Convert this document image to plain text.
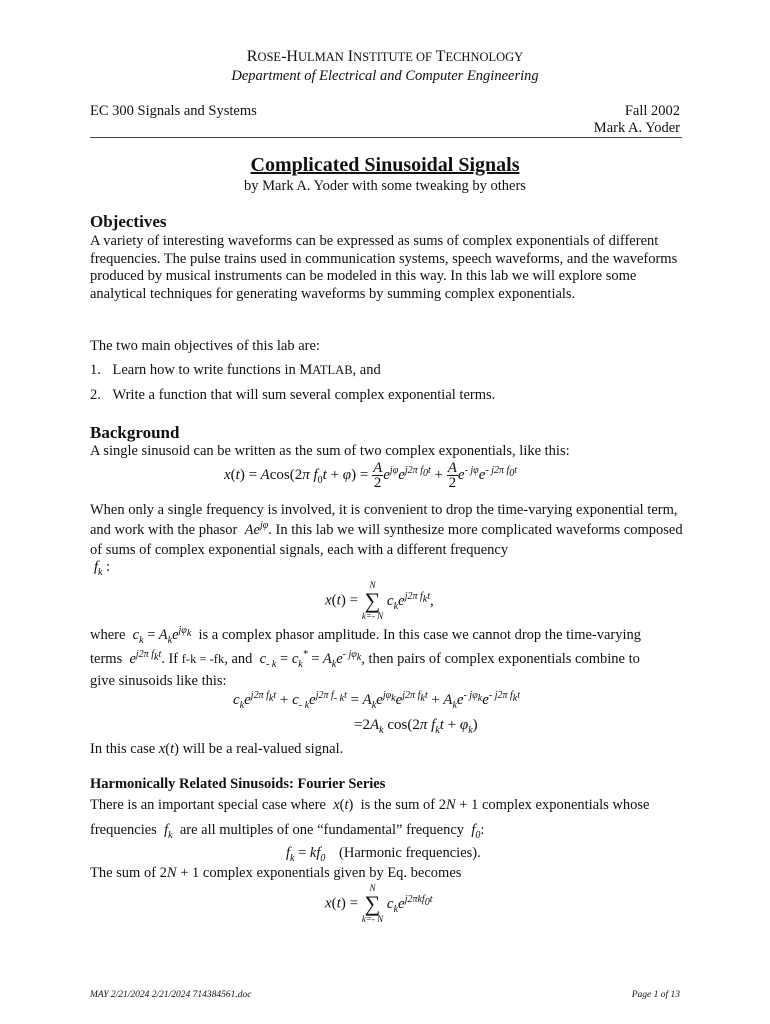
ROSE-HULMAN INSTITUTE OF TECHNOLOGY
Department of Electrical and Computer Engineering
EC 300 Signals and Systems	Fall 2002
Mark A. Yoder
Complicated Sinusoidal Signals
by Mark A. Yoder with some tweaking by others
Objectives

A variety of interesting waveforms can be expressed as sums of complex exponentials of different frequencies. The pulse trains used in communication systems, speech waveforms, and the waveforms produced by musical instruments can be modeled in this way. In this lab we will explore some analytical techniques for generating waveforms by summing complex exponentials.

The two main objectives of this lab are:
1. Learn how to write functions in MATLAB, and
2. Write a function that will sum several complex exponential terms.
Background
A single sinusoid can be written as the sum of two complex exponentials, like this:
x(t) = Acos(2π $f_0t + \varphi) = \frac{A}{2} e^{j\varphi}e^{j2\pi f_0t} + \frac{A}{2} e^{- j\varphi}e^{- j2\pi f_0t}$

When only a single frequency is involved, it is convenient to drop the time-varying exponential term, and work with the phasor  $Ae^{j\varphi}$. In this lab we will synthesize more complicated waveforms composed of sums of complex exponential signals, each with a different frequency

$f_k$ :
x(t) =
N
∑
k=- N
$c_ke^{j2\pi f_kt}$,
where  $c_k = A_ke^{j\varphi_k}$ is a complex phasor amplitude. In this case we cannot drop the time-varying
terms  $e^{j2\pi f_kt}$. If f-k = -fk, and  $c_{- k} = c_k^* = A_ke^{- j\varphi_k}$, then pairs of complex exponentials combine to
give sinusoids like this:
$c_ke^{j2\pi f_kt} + c_{- k}e^{j2\pi f_{- k}t} = A_ke^{j\varphi_k}e^{j2\pi f_kt} + A_ke^{- j\varphi_k}e^{- j2\pi f_kt}$
$=2A_k$ cos(2π $f_kt + \varphi_k$)
In this case x(t) will be a real-valued signal.
Harmonically Related Sinusoids: Fourier Series
There is an important special case where  x(t) is the sum of 2N + 1 complex exponentials whose
frequencies  $f_k$ are all multiples of one “fundamental” frequency  $f_0$:
$f_k = kf_0$ (Harmonic frequencies).
The sum of 2N + 1 complex exponentials given by Eq. becomes
x(t) =
N
∑
k=- N
$c_ke^{j2\pi kf_0t}$
MAY 2/21/2024 2/21/2024 714384561.doc	Page 1 of 13
